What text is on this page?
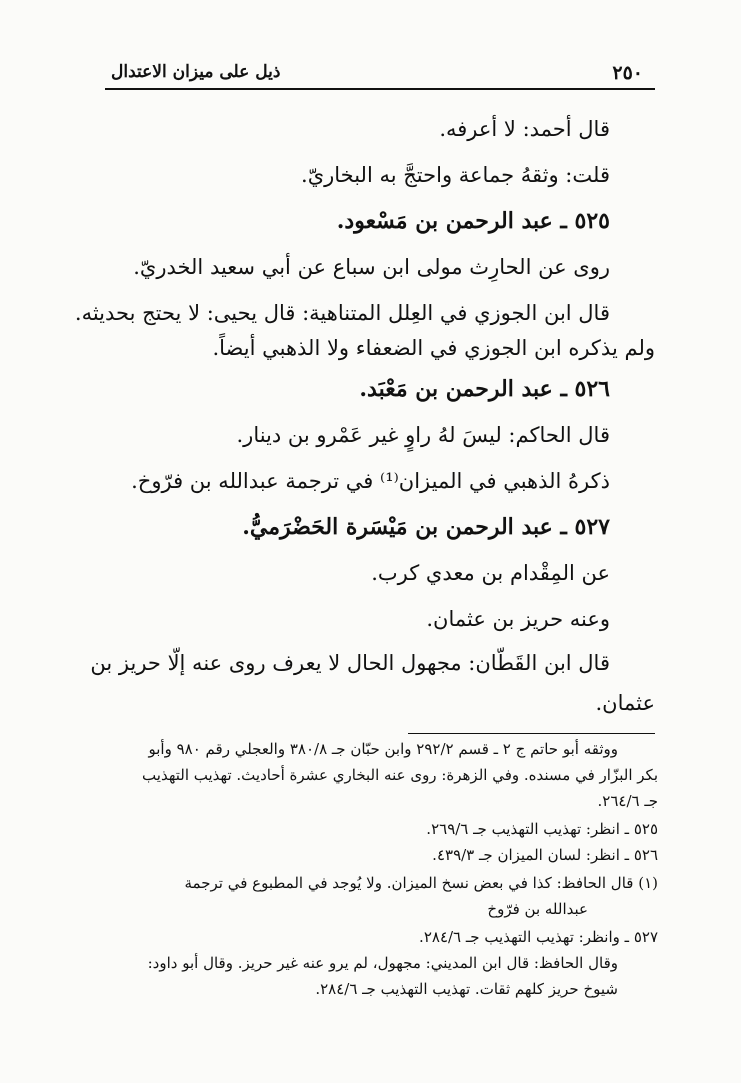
٢٥٠
ذيل على ميزان الاعتدال
قال أحمد: لا أعرفه.
قلت: وثقهُ جماعة واحتجَّ به البخاريّ.
٥٢٥ ـ عبد الرحمن بن مَسْعود.
روى عن الحارِث مولى ابن سباع عن أبي سعيد الخدريّ.
قال ابن الجوزي في العِلل المتناهية: قال يحيى: لا يحتج بحديثه.
ولم يذكره ابن الجوزي في الضعفاء ولا الذهبي أيضاً.
٥٢٦ ـ عبد الرحمن بن مَعْبَد.
قال الحاكم: ليسَ لهُ راوٍ غير عَمْرو بن دينار.
ذكرهُ الذهبي في الميزان⁽¹⁾ في ترجمة عبدالله بن فرّوخ.
٥٢٧ ـ عبد الرحمن بن مَيْسَرة الحَضْرَميُّ.
عن المِقْدام بن معدي كرب.
وعنه حريز بن عثمان.
قال ابن القَطّان: مجهول الحال لا يعرف روى عنه إلّا حريز بن
عثمان.
ووثقه أبو حاتم ج ٢ ـ قسم ٢٩٢/٢ وابن حبّان جـ ٣٨٠/٨ والعجلي رقم ٩٨٠ وأبو
بكر البزّار في مسنده. وفي الزهرة: روى عنه البخاري عشرة أحاديث. تهذيب التهذيب
جـ ٢٦٤/٦.
٥٢٥ ـ انظر: تهذيب التهذيب جـ ٢٦٩/٦.
٥٢٦ ـ انظر: لسان الميزان جـ ٤٣٩/٣.
(١) قال الحافظ: كذا في بعض نسخ الميزان. ولا يُوجد في المطبوع في ترجمة
عبدالله بن فرّوخ
٥٢٧ ـ وانظر: تهذيب التهذيب جـ ٢٨٤/٦.
وقال الحافظ: قال ابن المديني: مجهول، لم يرو عنه غير حريز. وقال أبو داود:
شيوخ حريز كلهم ثقات. تهذيب التهذيب جـ ٢٨٤/٦.
